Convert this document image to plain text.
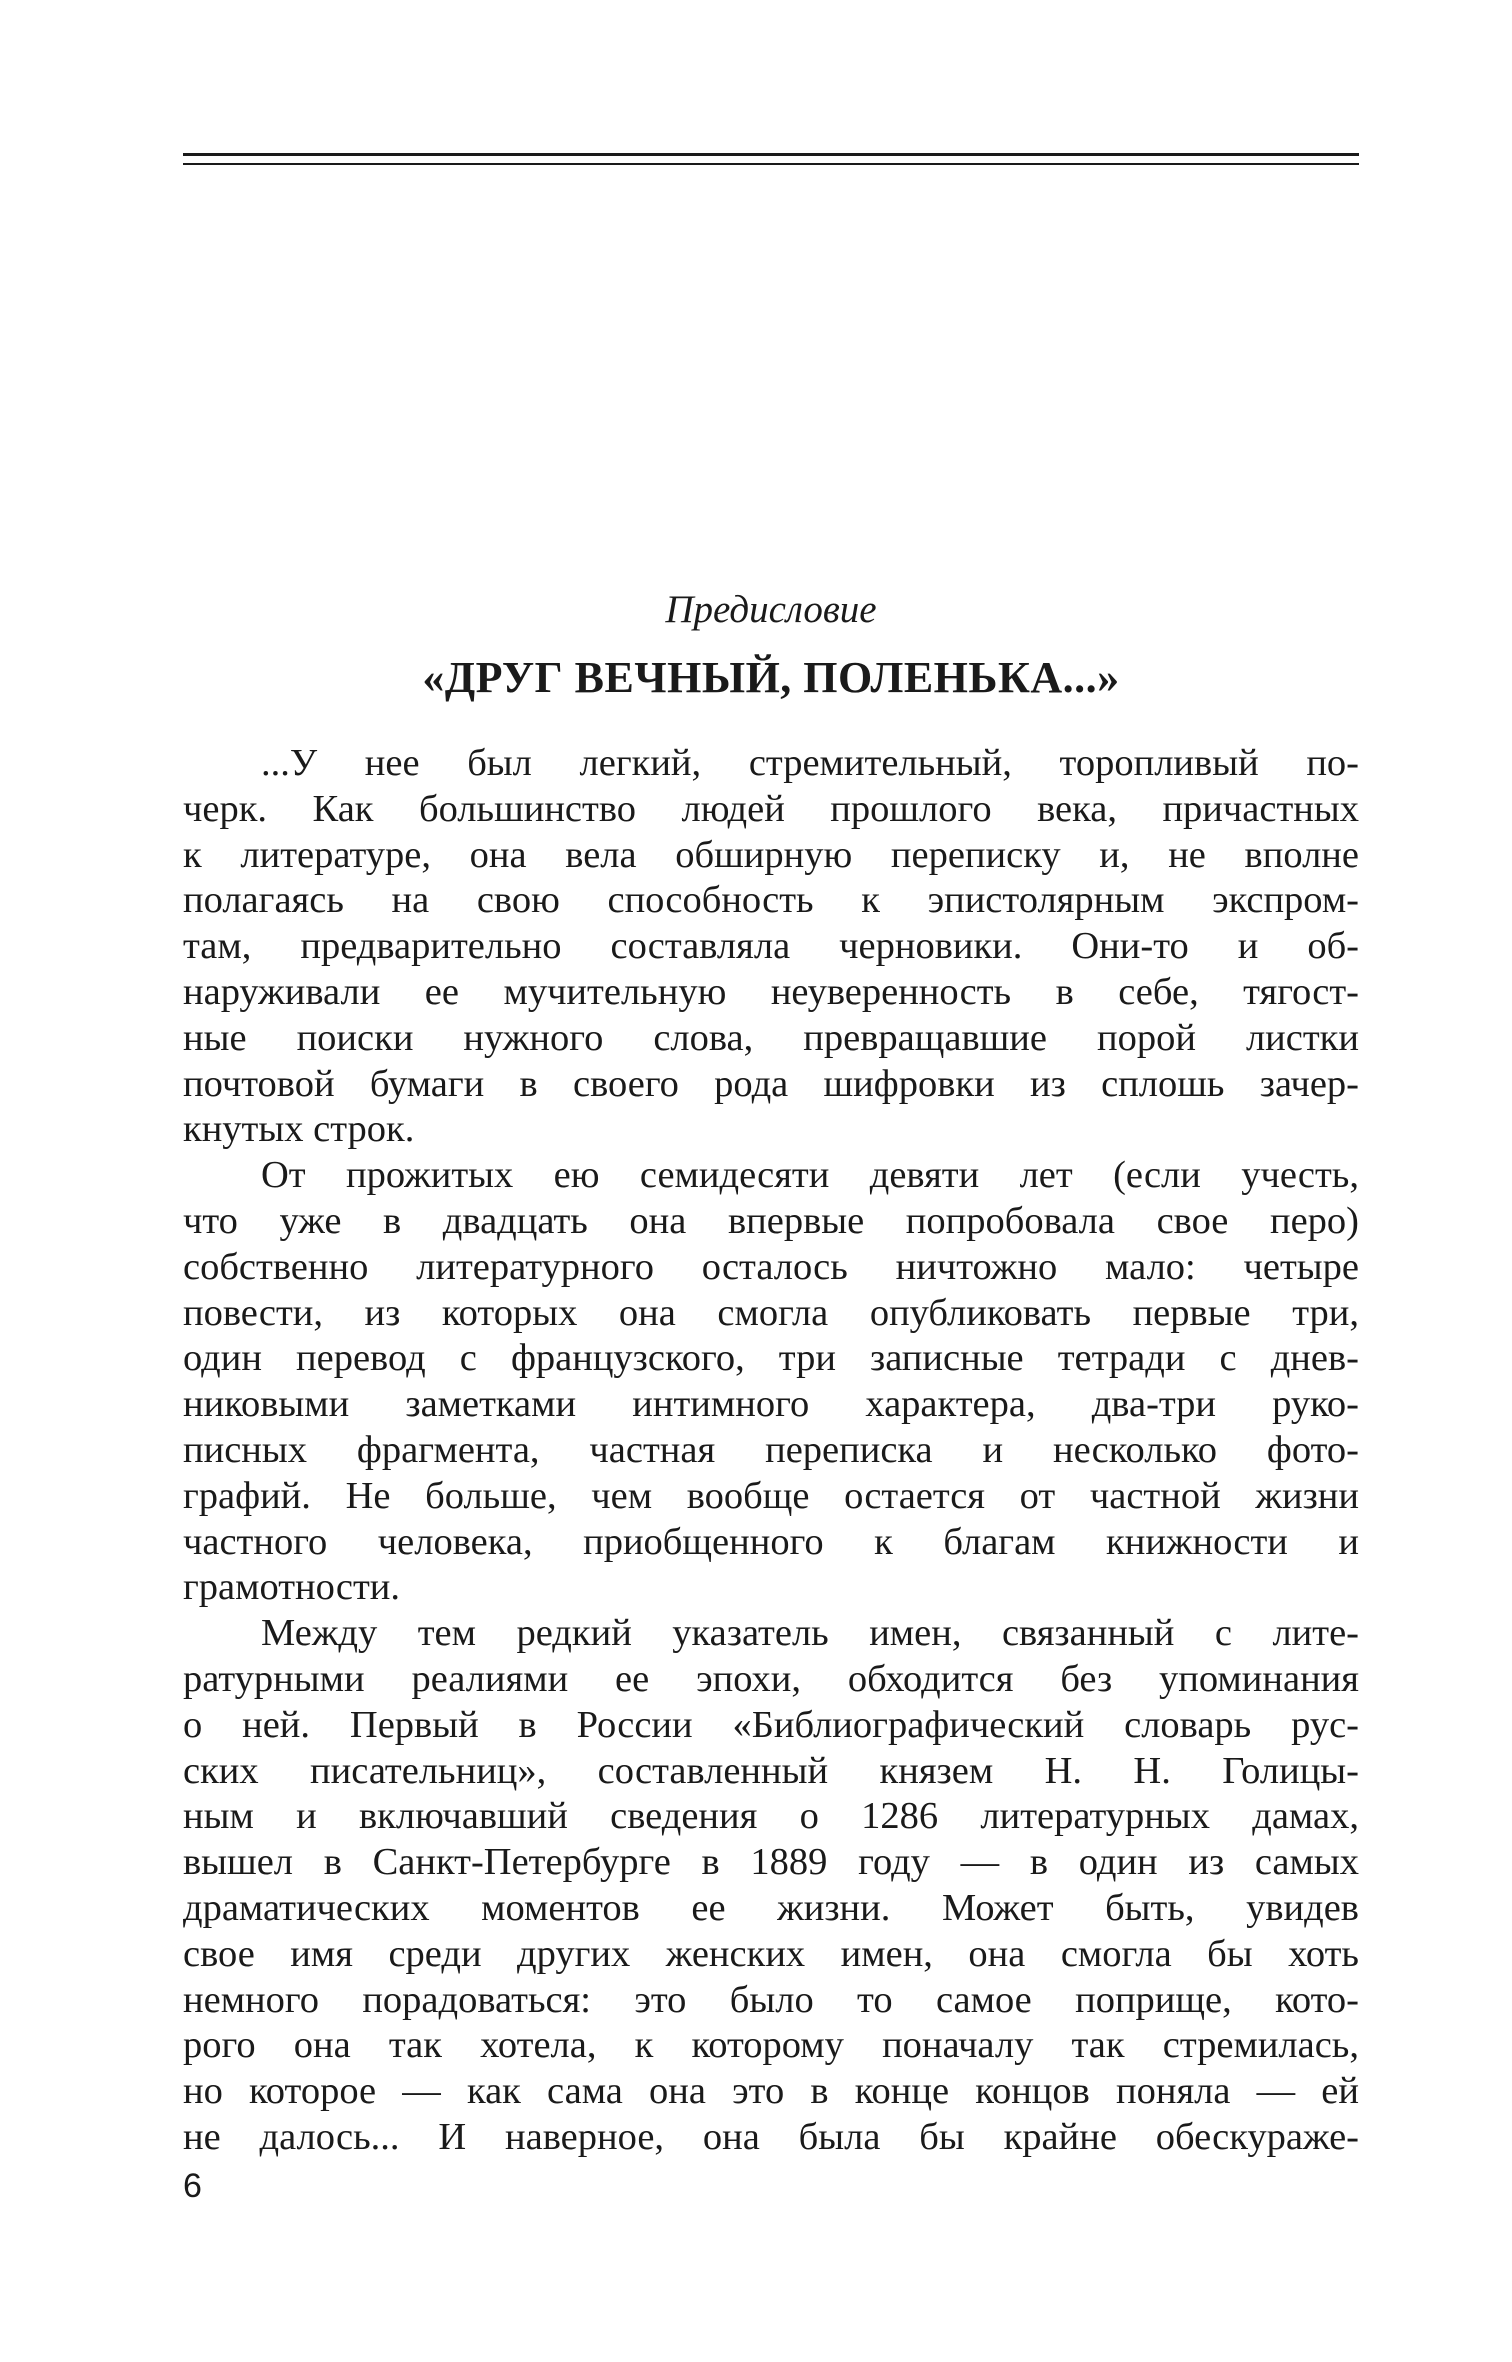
Предисловие

«ДРУГ ВЕЧНЫЙ, ПОЛЕНЬКА...»
...У нее был легкий, стремительный, торопливый по-
черк. Как большинство людей прошлого века, причастных
к литературе, она вела обширную переписку и, не вполне
полагаясь на свою способность к эпистолярным экспром-
там, предварительно составляла черновики. Они-то и об-
наруживали ее мучительную неуверенность в себе, тягост-
ные поиски нужного слова, превращавшие порой листки
почтовой бумаги в своего рода шифровки из сплошь зачер-
кнутых строк.
От прожитых ею семидесяти девяти лет (если учесть,
что уже в двадцать она впервые попробовала свое перо)
собственно литературного осталось ничтожно мало: четыре
повести, из которых она смогла опубликовать первые три,
один перевод с французского, три записные тетради с днев-
никовыми заметками интимного характера, два-три руко-
писных фрагмента, частная переписка и несколько фото-
графий. Не больше, чем вообще остается от частной жизни
частного человека, приобщенного к благам книжности и
грамотности.
Между тем редкий указатель имен, связанный с лите-
ратурными реалиями ее эпохи, обходится без упоминания
о ней. Первый в России «Библиографический словарь рус-
ских писательниц», составленный князем Н. Н. Голицы-
ным и включавший сведения о 1286 литературных дамах,
вышел в Санкт-Петербурге в 1889 году — в один из самых
драматических моментов ее жизни. Может быть, увидев
свое имя среди других женских имен, она смогла бы хоть
немного порадоваться: это было то самое поприще, кото-
рого она так хотела, к которому поначалу так стремилась,
но которое — как сама она это в конце концов поняла — ей
не далось... И наверное, она была бы крайне обескураже-

6
